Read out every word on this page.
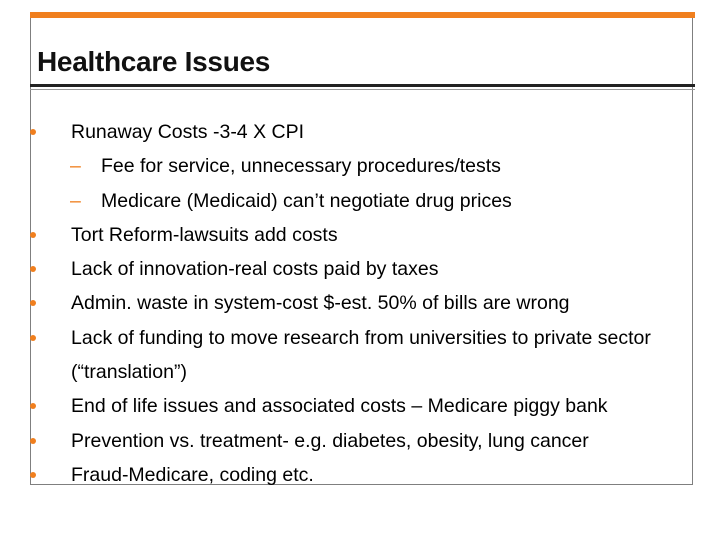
Healthcare Issues
Runaway Costs -3-4 X CPI
– Fee for service, unnecessary procedures/tests
– Medicare (Medicaid) can’t negotiate drug prices
Tort Reform-lawsuits add costs
Lack of innovation-real costs paid by taxes
Admin. waste in system-cost $-est. 50% of bills are wrong
Lack of funding to move research from universities to private sector (“translation”)
End of life issues and associated costs – Medicare piggy bank
Prevention vs. treatment- e.g. diabetes, obesity, lung cancer
Fraud-Medicare, coding etc.
